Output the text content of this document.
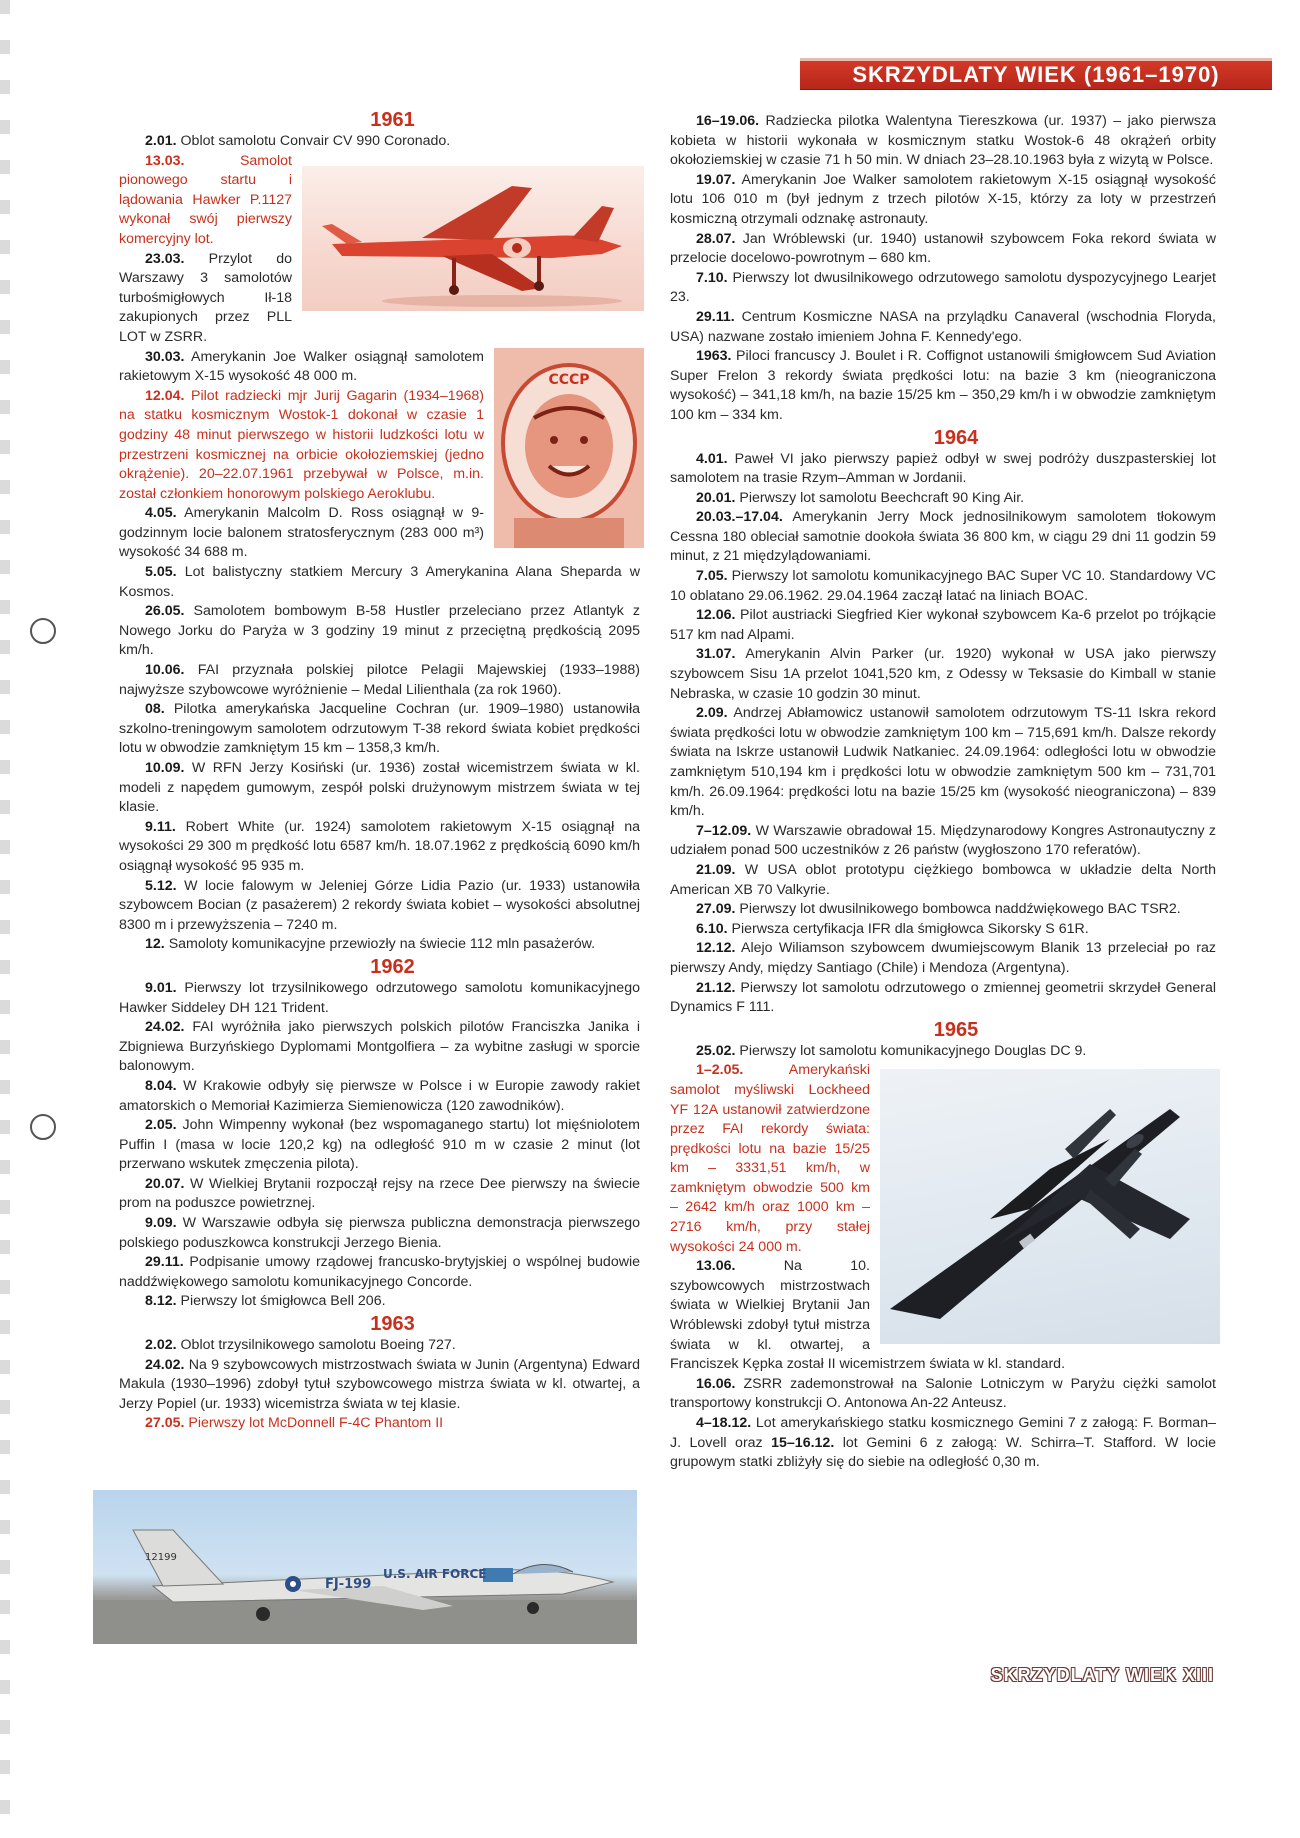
SKRZYDLATY WIEK (1961–1970)

1961

2.01. Oblot samolotu Convair CV 990 Coronado.

13.03.	Samolot pionowego startu i lądowania Hawker P.1127 wykonał swój pierwszy komercyjny lot.

23.03. Przylot do Warszawy 3 samolotów turbośmigłowych Ił-18 zakupionych przez PLL LOT w ZSRR.

СССР

30.03. Amerykanin Joe Walker osiągnął samolotem rakietowym X-15 wysokość 48 000 m.

12.04. Pilot radziecki mjr Jurij Gagarin (1934–1968) na statku kosmicznym Wostok-1 dokonał w czasie 1 godziny 48 minut pierwszego w historii ludzkości lotu w przestrzeni kosmicznej na orbicie okołoziemskiej (jedno okrążenie). 20–22.07.1961 przebywał w Polsce, m.in. został członkiem honorowym polskiego Aeroklubu.

4.05. Amerykanin Malcolm D. Ross osiągnął w 9-godzinnym locie balonem stratosferycznym (283 000 m³) wysokość 34 688 m.

5.05. Lot balistyczny statkiem Mercury 3 Amerykanina Alana Sheparda w Kosmos.

26.05. Samolotem bombowym B-58 Hustler przeleciano przez Atlantyk z Nowego Jorku do Paryża w 3 godziny 19 minut z przeciętną prędkością 2095 km/h.

10.06. FAI przyznała polskiej pilotce Pelagii Majewskiej (1933–1988) najwyższe szybowcowe wyróżnienie – Medal Lilienthala (za rok 1960).

08. Pilotka amerykańska Jacqueline Cochran (ur. 1909–1980) ustanowiła szkolno-treningowym samolotem odrzutowym T-38 rekord świata kobiet prędkości lotu w obwodzie zamkniętym 15 km – 1358,3 km/h.

10.09. W RFN Jerzy Kosiński (ur. 1936) został wicemistrzem świata w kl. modeli z napędem gumowym, zespół polski drużynowym mistrzem świata w tej klasie.

9.11. Robert White (ur. 1924) samolotem rakietowym X-15 osiągnął na wysokości 29 300 m prędkość lotu 6587 km/h. 18.07.1962 z prędkością 6090 km/h osiągnął wysokość 95 935 m.

5.12. W locie falowym w Jeleniej Górze Lidia Pazio (ur. 1933) ustanowiła szybowcem Bocian (z pasażerem) 2 rekordy świata kobiet – wysokości absolutnej 8300 m i przewyższenia – 7240 m.

12. Samoloty komunikacyjne przewiozły na świecie 112 mln pasażerów.

1962

9.01. Pierwszy lot trzysilnikowego odrzutowego samolotu komunikacyjnego Hawker Siddeley DH 121 Trident.

24.02. FAI wyróżniła jako pierwszych polskich pilotów Franciszka Janika i Zbigniewa Burzyńskiego Dyplomami Montgolfiera – za wybitne zasługi w sporcie balonowym.

8.04. W Krakowie odbyły się pierwsze w Polsce i w Europie zawody rakiet amatorskich o Memoriał Kazimierza Siemienowicza (120 zawodników).

2.05. John Wimpenny wykonał (bez wspomaganego startu) lot mięśniolotem Puffin I (masa w locie 120,2 kg) na odległość 910 m w czasie 2 minut (lot przerwano wskutek zmęczenia pilota).

20.07. W Wielkiej Brytanii rozpoczął rejsy na rzece Dee pierwszy na świecie prom na poduszce powietrznej.

9.09. W Warszawie odbyła się pierwsza publiczna demonstracja pierwszego polskiego poduszkowca konstrukcji Jerzego Bienia.

29.11. Podpisanie umowy rządowej francusko-brytyjskiej o wspólnej budowie naddźwiękowego samolotu komunikacyjnego Concorde.

8.12. Pierwszy lot śmigłowca Bell 206.

1963

2.02. Oblot trzysilnikowego samolotu Boeing 727.

24.02. Na 9 szybowcowych mistrzostwach świata w Junin (Argentyna) Edward Makula (1930–1996) zdobył tytuł szybowcowego mistrza świata w kl. otwartej, a Jerzy Popiel (ur. 1933) wicemistrza świata w tej klasie.

27.05. Pierwszy lot McDonnell F-4C Phantom II

FJ-199
U.S. AIR FORCE
12199

16–19.06. Radziecka pilotka Walentyna Tiereszkowa (ur. 1937) – jako pierwsza kobieta w historii wykonała w kosmicznym statku Wostok-6 48 okrążeń orbity okołoziemskiej w czasie 71 h 50 min. W dniach 23–28.10.1963 była z wizytą w Polsce.

19.07. Amerykanin Joe Walker samolotem rakietowym X-15 osiągnął wysokość lotu 106 010 m (był jednym z trzech pilotów X-15, którzy za loty w przestrzeń kosmiczną otrzymali odznakę astronauty.

28.07. Jan Wróblewski (ur. 1940) ustanowił szybowcem Foka rekord świata w przelocie docelowo-powrotnym – 680 km.

7.10. Pierwszy lot dwusilnikowego odrzutowego samolotu dyspozycyjnego Learjet 23.

29.11. Centrum Kosmiczne NASA na przylądku Canaveral (wschodnia Floryda, USA) nazwane zostało imieniem Johna F. Kennedy'ego.

1963. Piloci francuscy J. Boulet i R. Coffignot ustanowili śmigłowcem Sud Aviation Super Frelon 3 rekordy świata prędkości lotu: na bazie 3 km (nieograniczona wysokość) – 341,18 km/h, na bazie 15/25 km – 350,29 km/h i w obwodzie zamkniętym 100 km – 334 km.

1964

4.01. Paweł VI jako pierwszy papież odbył w swej podróży duszpasterskiej lot samolotem na trasie Rzym–Amman w Jordanii.

20.01. Pierwszy lot samolotu Beechcraft 90 King Air.

20.03.–17.04. Amerykanin Jerry Mock jednosilnikowym samolotem tłokowym Cessna 180 obleciał samotnie dookoła świata 36 800 km, w ciągu 29 dni 11 godzin 59 minut, z 21 międzylądowaniami.

7.05. Pierwszy lot samolotu komunikacyjnego BAC Super VC 10. Standardowy VC 10 oblatano 29.06.1962. 29.04.1964 zaczął latać na liniach BOAC.

12.06. Pilot austriacki Siegfried Kier wykonał szybowcem Ka-6 przelot po trójkącie 517 km nad Alpami.

31.07. Amerykanin Alvin Parker (ur. 1920) wykonał w USA jako pierwszy szybowcem Sisu 1A przelot 1041,520 km, z Odessy w Teksasie do Kimball w stanie Nebraska, w czasie 10 godzin 30 minut.

2.09. Andrzej Abłamowicz ustanowił samolotem odrzutowym TS-11 Iskra rekord świata prędkości lotu w obwodzie zamkniętym 100 km – 715,691 km/h. Dalsze rekordy świata na Iskrze ustanowił Ludwik Natkaniec. 24.09.1964: odległości lotu w obwodzie zamkniętym 510,194 km i prędkości lotu w obwodzie zamkniętym 500 km – 731,701 km/h. 26.09.1964: prędkości lotu na bazie 15/25 km (wysokość nieograniczona) – 839 km/h.

7–12.09. W Warszawie obradował 15. Międzynarodowy Kongres Astronautyczny z udziałem ponad 500 uczestników z 26 państw (wygłoszono 170 referatów).

21.09. W USA oblot prototypu ciężkiego bombowca w układzie delta North American XB 70 Valkyrie.

27.09. Pierwszy lot dwusilnikowego bombowca naddźwiękowego BAC TSR2.

6.10. Pierwsza certyfikacja IFR dla śmigłowca Sikorsky S 61R.

12.12. Alejo Wiliamson szybowcem dwumiejscowym Blanik 13 przeleciał po raz pierwszy Andy, między Santiago (Chile) i Mendoza (Argentyna).

21.12. Pierwszy lot samolotu odrzutowego o zmiennej geometrii skrzydeł General Dynamics F 111.

1965

25.02. Pierwszy lot samolotu komunikacyjnego Douglas DC 9.

1–2.05.	Amerykański samolot myśliwski Lockheed YF 12A ustanowił zatwierdzone przez FAI rekordy świata: prędkości lotu na bazie 15/25 km – 3331,51 km/h, w zamkniętym obwodzie 500 km – 2642 km/h oraz 1000 km – 2716 km/h, przy stałej wysokości 24 000 m.

13.06.	Na 10. szybowcowych mistrzostwach świata w Wielkiej Brytanii Jan Wróblewski zdobył tytuł mistrza świata w kl. otwartej, a Franciszek Kępka został II wicemistrzem świata w kl. standard.

16.06. ZSRR zademonstrował na Salonie Lotniczym w Paryżu ciężki samolot transportowy konstrukcji O. Antonowa An-22 Anteusz.

4–18.12. Lot amerykańskiego statku kosmicznego Gemini 7 z załogą: F. Borman–J. Lovell oraz 15–16.12. lot Gemini 6 z załogą: W. Schirra–T. Stafford. W locie grupowym statki zbliżyły się do siebie na odległość 0,30 m.

SKRZYDLATY WIEK XIII
